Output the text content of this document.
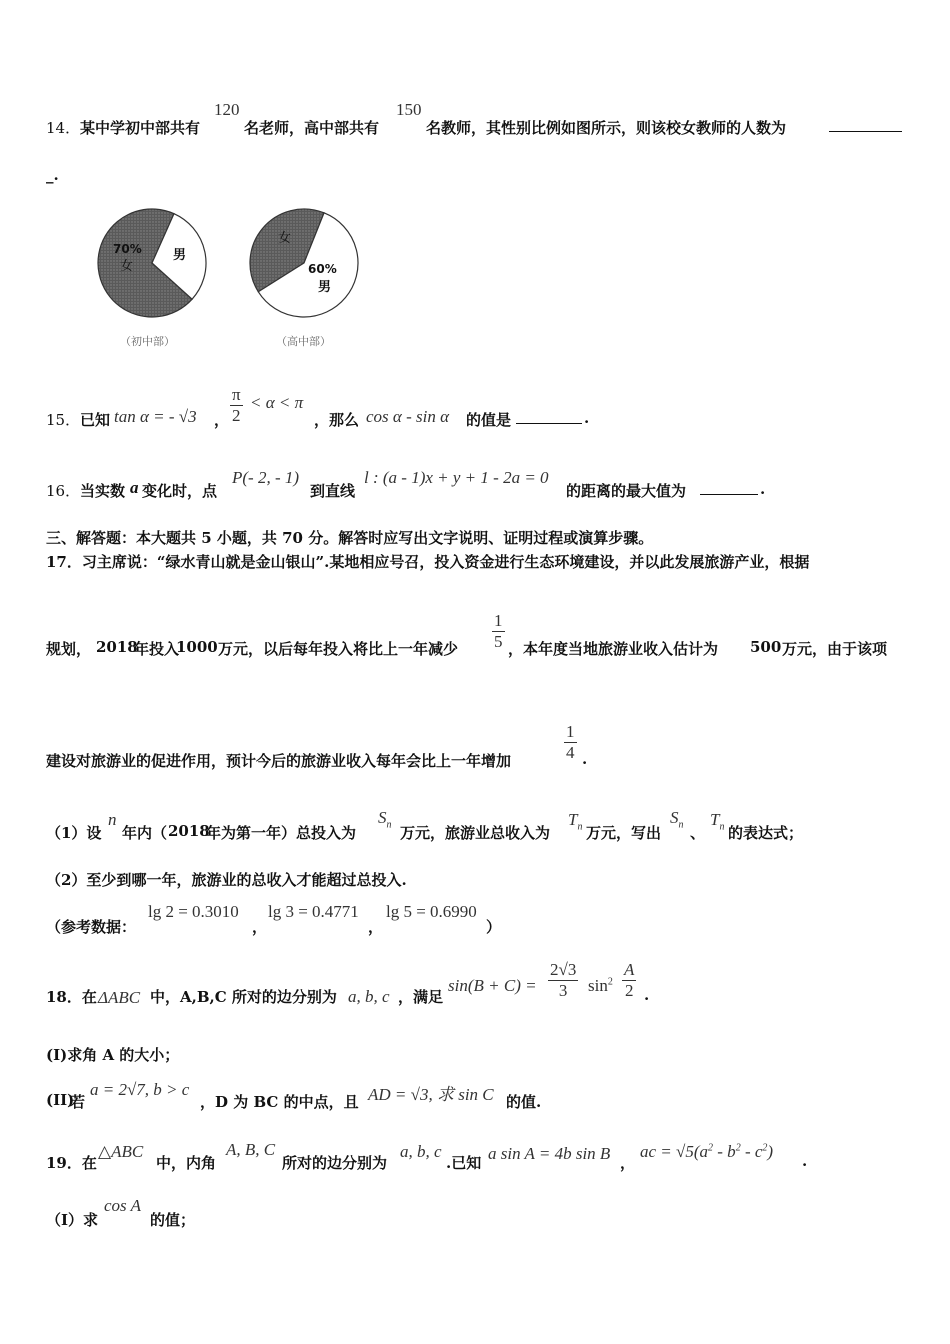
14． 某中学初中部共有
120
名老师，高中部共有
150
名教师，其性别比例如图所示，则该校女教师的人数为
_.
70%
女
男
（初中部）
女
60%
男
（高中部）
15． 已知 tan α = - √3 ， $\frac{\pi}{2} < \alpha < \pi$
，那么 cos α - sin α 的值是	.
16． 当实数 a 变化时，点
P(- 2, - 1)
到直线
l : (a - 1)x + y + 1 - 2a = 0
的距离的最大值为	.
三、解答题：本大题共 5 小题，共 70 分。解答时应写出文字说明、证明过程或演算步骤。
17．习主席说：“绿水青山就是金山银山”.某地相应号召，投入资金进行生态环境建设，并以此发展旅游产业，根据
规划， 2018
年投入
1000 万元，以后每年投入将比上一年减少 $\frac{1}{5}$ ，本年度当地旅游业收入估计为 500 万元，由于该项
建设对旅游业的促进作用，预计今后的旅游业收入每年会比上一年增加	$\frac{1}{4}$ .
（1）设
n
年内（ 2018
年为第一年）总投入为
$S_n$ 万元，旅游业总收入为
$T_n$ 万元，写出
$S_n$ 、
$T_n$ 的表达式；
（2）至少到哪一年，旅游业的总收入才能超过总投入.
（参考数据：
lg 2 = 0.3010
，
lg 3 = 0.4771
，
lg 5 = 0.6990
）
18．在 ΔABC 中，A,B,C 所对的边分别为 a, b, c ，满足
$\sin(B + C) = \frac{2√3}{3} \sin^2 \frac{A}{2}$ .
(I)求角 A 的大小；
(II)
若
a = 2√7, b > c
，D 为 BC 的中点，且 AD = √3, 求 sin C 的值.
19．在
△ABC
中，内角
A, B, C
所对的边分别为
a, b, c
.已知 a sin A = 4b sin B ，
ac = $√5(a^2 - b^2 - c^2)$ .
（I）求
cos A
的值；
